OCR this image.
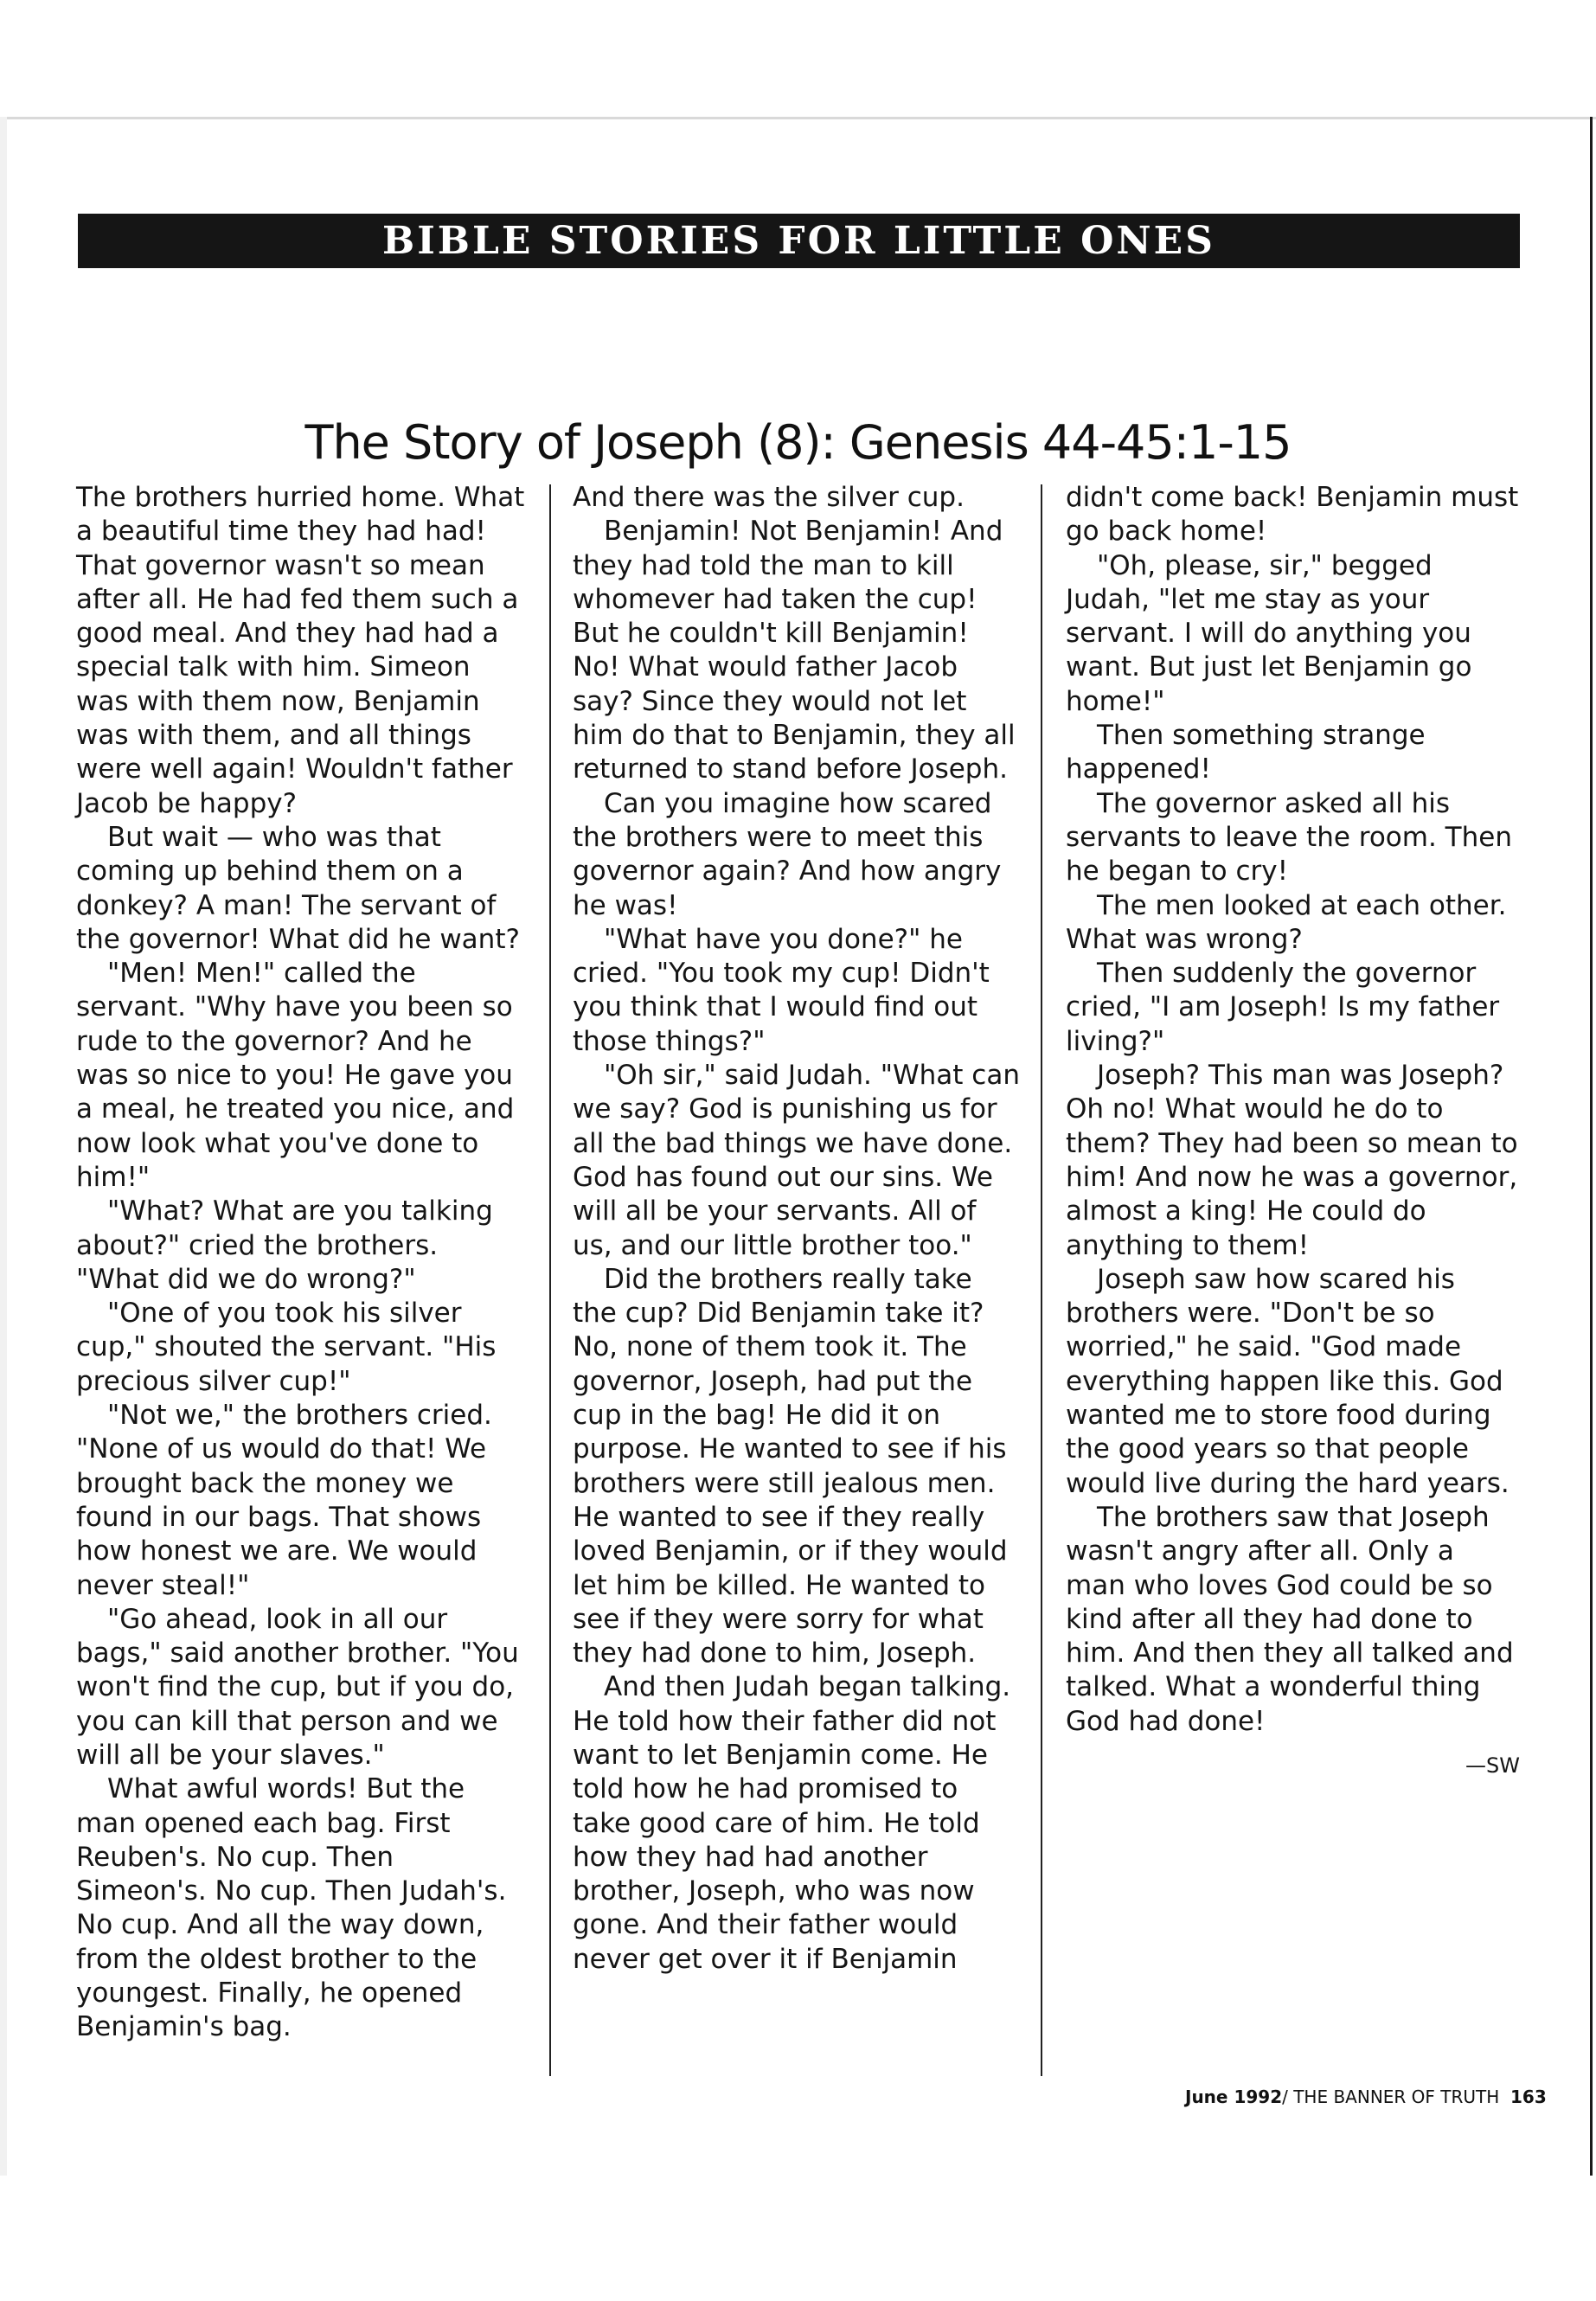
BIBLE STORIES FOR LITTLE ONES
The Story of Joseph (8): Genesis 44-45:1-15

The brothers hurried home. What a beautiful time they had had! That governor wasn't so mean after all. He had fed them such a good meal. And they had had a special talk with him. Simeon was with them now, Benjamin was with them, and all things were well again! Wouldn't father Jacob be happy?

But wait — who was that coming up behind them on a donkey? A man! The servant of the governor! What did he want?

"Men! Men!" called the servant. "Why have you been so rude to the governor? And he was so nice to you! He gave you a meal, he treated you nice, and now look what you've done to him!"

"What? What are you talking about?" cried the brothers. "What did we do wrong?"

"One of you took his silver cup," shouted the servant. "His precious silver cup!"

"Not we," the brothers cried. "None of us would do that! We brought back the money we found in our bags. That shows how honest we are. We would never steal!"

"Go ahead, look in all our bags," said another brother. "You won't find the cup, but if you do, you can kill that person and we will all be your slaves."

What awful words! But the man opened each bag. First Reuben's. No cup. Then Simeon's. No cup. Then Judah's. No cup. And all the way down, from the oldest brother to the youngest. Finally, he opened Benjamin's bag.

And there was the silver cup.

Benjamin! Not Benjamin! And they had told the man to kill whomever had taken the cup! But he couldn't kill Benjamin! No! What would father Jacob say? Since they would not let him do that to Benjamin, they all returned to stand before Joseph.

Can you imagine how scared the brothers were to meet this governor again? And how angry he was!

"What have you done?" he cried. "You took my cup! Didn't you think that I would find out those things?"

"Oh sir," said Judah. "What can we say? God is punishing us for all the bad things we have done. God has found out our sins. We will all be your servants. All of us, and our little brother too."

Did the brothers really take the cup? Did Benjamin take it? No, none of them took it. The governor, Joseph, had put the cup in the bag! He did it on purpose. He wanted to see if his brothers were still jealous men. He wanted to see if they really loved Benjamin, or if they would let him be killed. He wanted to see if they were sorry for what they had done to him, Joseph.

And then Judah began talking. He told how their father did not want to let Benjamin come. He told how he had promised to take good care of him. He told how they had had another brother, Joseph, who was now gone. And their father would never get over it if Benjamin

didn't come back! Benjamin must go back home!

"Oh, please, sir," begged Judah, "let me stay as your servant. I will do anything you want. But just let Benjamin go home!"

Then something strange happened!

The governor asked all his servants to leave the room. Then he began to cry!

The men looked at each other. What was wrong?

Then suddenly the governor cried, "I am Joseph! Is my father living?"

Joseph? This man was Joseph? Oh no! What would he do to them? They had been so mean to him! And now he was a governor, almost a king! He could do anything to them!

Joseph saw how scared his brothers were. "Don't be so worried," he said. "God made everything happen like this. God wanted me to store food during the good years so that people would live during the hard years.

The brothers saw that Joseph wasn't angry after all. Only a man who loves God could be so kind after all they had done to him. And then they all talked and talked. What a wonderful thing God had done!

—SW

June 1992/ THE BANNER OF TRUTH 163
